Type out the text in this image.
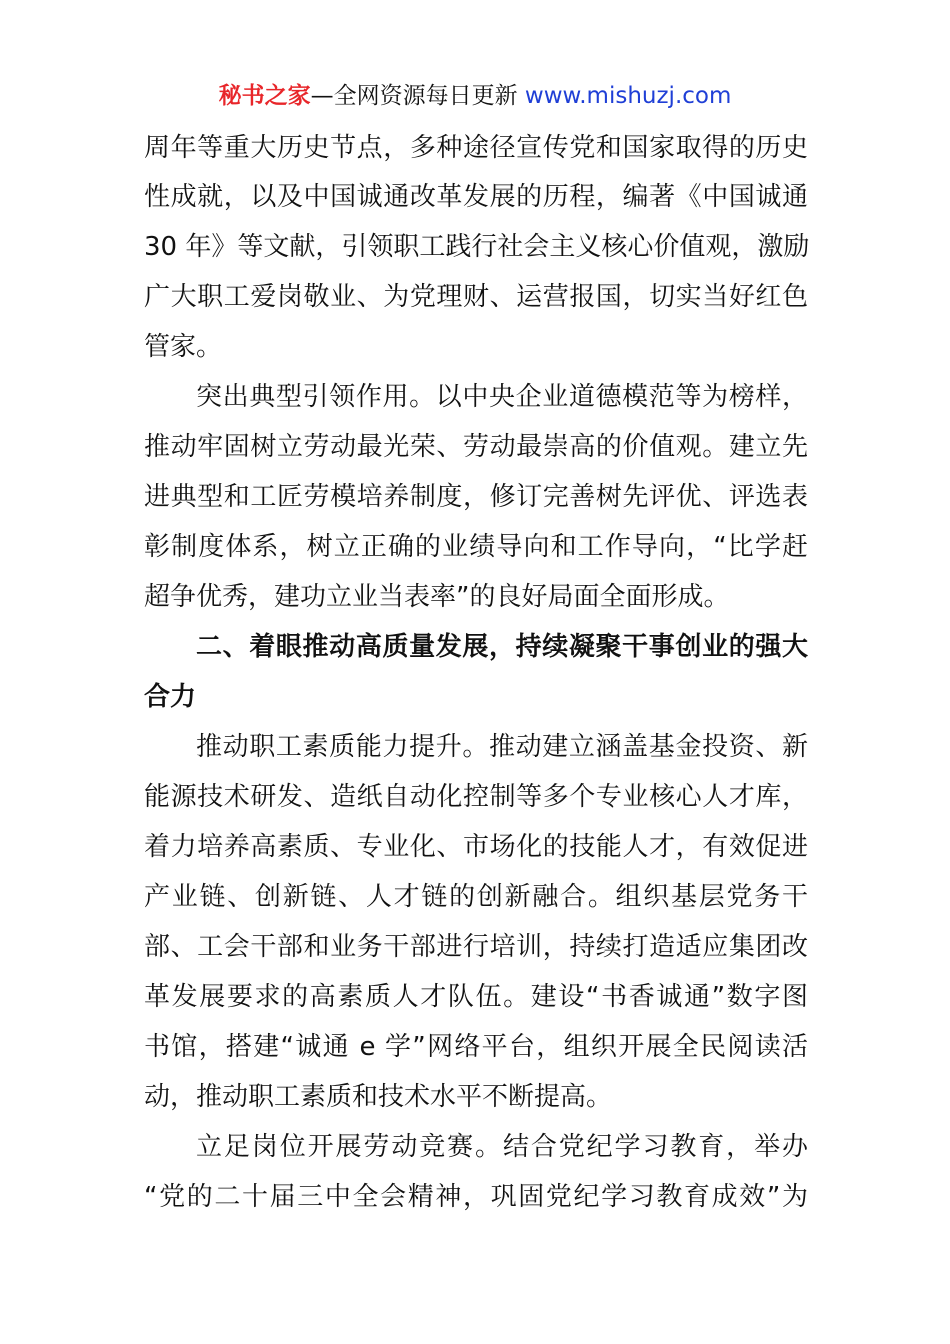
秘书之家—全网资源每日更新 www.mishuzj.com
周年等重大历史节点，多种途径宣传党和国家取得的历史
性成就，以及中国诚通改革发展的历程，编著《中国诚通
30 年》等文献，引领职工践行社会主义核心价值观，激励
广大职工爱岗敬业、为党理财、运营报国，切实当好红色
管家。
突出典型引领作用。以中央企业道德模范等为榜样，
推动牢固树立劳动最光荣、劳动最崇高的价值观。建立先
进典型和工匠劳模培养制度，修订完善树先评优、评选表
彰制度体系，树立正确的业绩导向和工作导向，“比学赶
超争优秀，建功立业当表率”的良好局面全面形成。
二、着眼推动高质量发展，持续凝聚干事创业的强大
合力
推动职工素质能力提升。推动建立涵盖基金投资、新
能源技术研发、造纸自动化控制等多个专业核心人才库，
着力培养高素质、专业化、市场化的技能人才，有效促进
产业链、创新链、人才链的创新融合。组织基层党务干
部、工会干部和业务干部进行培训，持续打造适应集团改
革发展要求的高素质人才队伍。建设“书香诚通”数字图
书馆，搭建“诚通 e 学”网络平台，组织开展全民阅读活
动，推动职工素质和技术水平不断提高。
立足岗位开展劳动竞赛。结合党纪学习教育，举办
“党的二十届三中全会精神，巩固党纪学习教育成效”为
